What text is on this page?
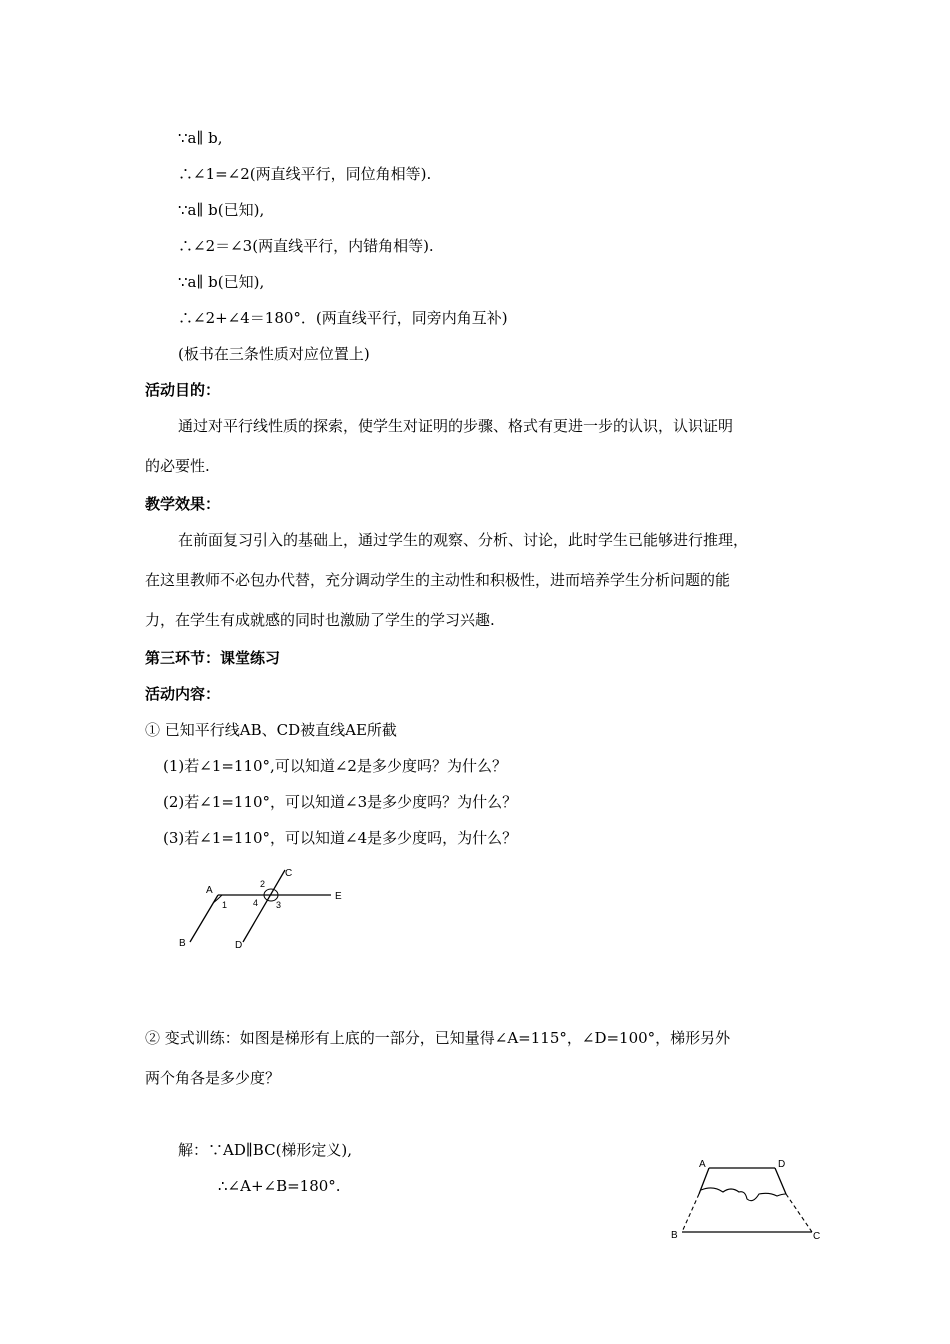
∵a∥ b,
∴∠1=∠2(两直线平行，同位角相等).
∵a∥ b(已知),
∴∠2＝∠3(两直线平行，内错角相等).
∵a∥ b(已知),
∴∠2+∠4＝180°．(两直线平行，同旁内角互补)
(板书在三条性质对应位置上)
活动目的：
通过对平行线性质的探索，使学生对证明的步骤、格式有更进一步的认识，认识证明
的必要性.
教学效果：
在前面复习引入的基础上，通过学生的观察、分析、讨论，此时学生已能够进行推理，
在这里教师不必包办代替，充分调动学生的主动性和积极性，进而培养学生分析问题的能
力，在学生有成就感的同时也激励了学生的学习兴趣.
第三环节：课堂练习
活动内容：
① 已知平行线AB、CD被直线AE所截
(1)若∠1=110°,可以知道∠2是多少度吗？为什么？
(2)若∠1=110°，可以知道∠3是多少度吗？为什么？
(3)若∠1=110°，可以知道∠4是多少度吗，为什么？
A
B
C
D
E
1
2
3
4
② 变式训练：如图是梯形有上底的一部分，已知量得∠A=115°，∠D=100°，梯形另外
两个角各是多少度？
解：∵AD∥BC(梯形定义),
∴∠A+∠B=180°.
A	D
B	C
